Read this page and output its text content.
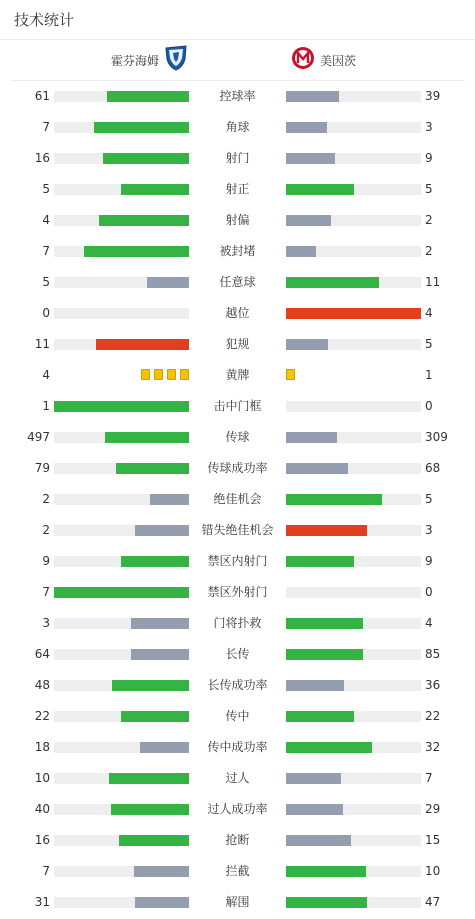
技术统计
霍芬海姆	美因茨
61	控球率	39
7	角球	3
16	射门	9
5	射正	5
4	射偏	2
7	被封堵	2
5	任意球	11
0	越位	4
11	犯规	5
4	黄牌	1
1	击中门框	0
497	传球	309
79	传球成功率	68
2	绝佳机会	5
2	错失绝佳机会	3
9	禁区内射门	9
7	禁区外射门	0
3	门将扑救	4
64	长传	85
48	长传成功率	36
22	传中	22
18	传中成功率	32
10	过人	7
40	过人成功率	29
16	抢断	15
7	拦截	10
31	解围	47
